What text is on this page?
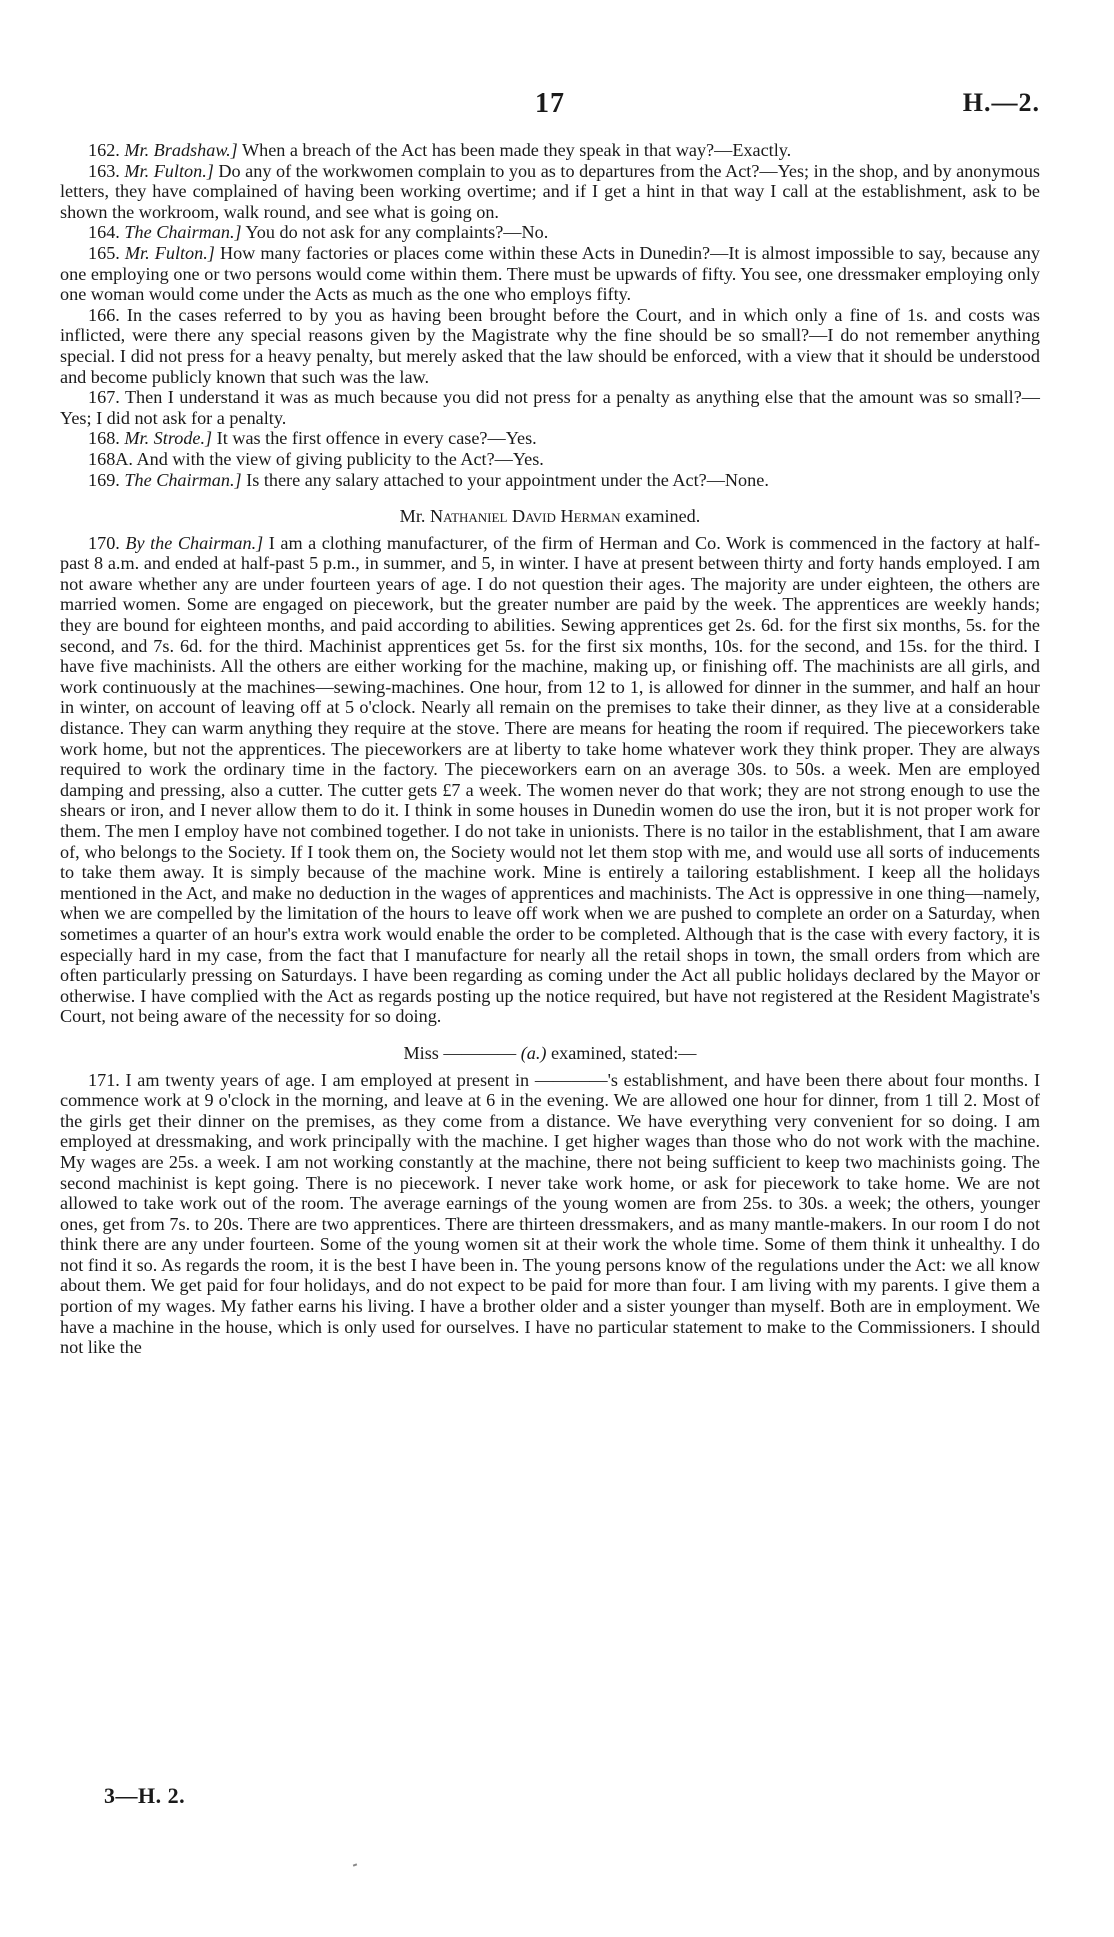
17	H.—2.

162. Mr. Bradshaw.] When a breach of the Act has been made they speak in that way?—Exactly.

163. Mr. Fulton.] Do any of the workwomen complain to you as to departures from the Act?—Yes; in the shop, and by anonymous letters, they have complained of having been working overtime; and if I get a hint in that way I call at the establishment, ask to be shown the workroom, walk round, and see what is going on.

164. The Chairman.] You do not ask for any complaints?—No.

165. Mr. Fulton.] How many factories or places come within these Acts in Dunedin?—It is almost impossible to say, because any one employing one or two persons would come within them. There must be upwards of fifty. You see, one dressmaker employing only one woman would come under the Acts as much as the one who employs fifty.

166. In the cases referred to by you as having been brought before the Court, and in which only a fine of 1s. and costs was inflicted, were there any special reasons given by the Magistrate why the fine should be so small?—I do not remember anything special. I did not press for a heavy penalty, but merely asked that the law should be enforced, with a view that it should be understood and become publicly known that such was the law.

167. Then I understand it was as much because you did not press for a penalty as anything else that the amount was so small?—Yes; I did not ask for a penalty.

168. Mr. Strode.] It was the first offence in every case?—Yes.

168A. And with the view of giving publicity to the Act?—Yes.

169. The Chairman.] Is there any salary attached to your appointment under the Act?—None.

Mr. Nathaniel David Herman examined.

170. By the Chairman.] I am a clothing manufacturer, of the firm of Herman and Co. Work is commenced in the factory at half-past 8 a.m. and ended at half-past 5 p.m., in summer, and 5, in winter. I have at present between thirty and forty hands employed. I am not aware whether any are under fourteen years of age. I do not question their ages. The majority are under eighteen, the others are married women. Some are engaged on piecework, but the greater number are paid by the week. The apprentices are weekly hands; they are bound for eighteen months, and paid according to abilities. Sewing apprentices get 2s. 6d. for the first six months, 5s. for the second, and 7s. 6d. for the third. Machinist apprentices get 5s. for the first six months, 10s. for the second, and 15s. for the third. I have five machinists. All the others are either working for the machine, making up, or finishing off. The machinists are all girls, and work continuously at the machines—sewing-machines. One hour, from 12 to 1, is allowed for dinner in the summer, and half an hour in winter, on account of leaving off at 5 o'clock. Nearly all remain on the premises to take their dinner, as they live at a considerable distance. They can warm anything they require at the stove. There are means for heating the room if required. The pieceworkers take work home, but not the apprentices. The pieceworkers are at liberty to take home whatever work they think proper. They are always required to work the ordinary time in the factory. The pieceworkers earn on an average 30s. to 50s. a week. Men are employed damping and pressing, also a cutter. The cutter gets £7 a week. The women never do that work; they are not strong enough to use the shears or iron, and I never allow them to do it. I think in some houses in Dunedin women do use the iron, but it is not proper work for them. The men I employ have not combined together. I do not take in unionists. There is no tailor in the establishment, that I am aware of, who belongs to the Society. If I took them on, the Society would not let them stop with me, and would use all sorts of inducements to take them away. It is simply because of the machine work. Mine is entirely a tailoring establishment. I keep all the holidays mentioned in the Act, and make no deduction in the wages of apprentices and machinists. The Act is oppressive in one thing—namely, when we are compelled by the limitation of the hours to leave off work when we are pushed to complete an order on a Saturday, when sometimes a quarter of an hour's extra work would enable the order to be completed. Although that is the case with every factory, it is especially hard in my case, from the fact that I manufacture for nearly all the retail shops in town, the small orders from which are often particularly pressing on Saturdays. I have been regarding as coming under the Act all public holidays declared by the Mayor or otherwise. I have complied with the Act as regards posting up the notice required, but have not registered at the Resident Magistrate's Court, not being aware of the necessity for so doing.

Miss ———— (a.) examined, stated:—

171. I am twenty years of age. I am employed at present in ————'s establishment, and have been there about four months. I commence work at 9 o'clock in the morning, and leave at 6 in the evening. We are allowed one hour for dinner, from 1 till 2. Most of the girls get their dinner on the premises, as they come from a distance. We have everything very convenient for so doing. I am employed at dressmaking, and work principally with the machine. I get higher wages than those who do not work with the machine. My wages are 25s. a week. I am not working constantly at the machine, there not being sufficient to keep two machinists going. The second machinist is kept going. There is no piecework. I never take work home, or ask for piecework to take home. We are not allowed to take work out of the room. The average earnings of the young women are from 25s. to 30s. a week; the others, younger ones, get from 7s. to 20s. There are two apprentices. There are thirteen dressmakers, and as many mantle-makers. In our room I do not think there are any under fourteen. Some of the young women sit at their work the whole time. Some of them think it unhealthy. I do not find it so. As regards the room, it is the best I have been in. The young persons know of the regulations under the Act: we all know about them. We get paid for four holidays, and do not expect to be paid for more than four. I am living with my parents. I give them a portion of my wages. My father earns his living. I have a brother older and a sister younger than myself. Both are in employment. We have a machine in the house, which is only used for ourselves. I have no particular statement to make to the Commissioners. I should not like the

3—H. 2.
